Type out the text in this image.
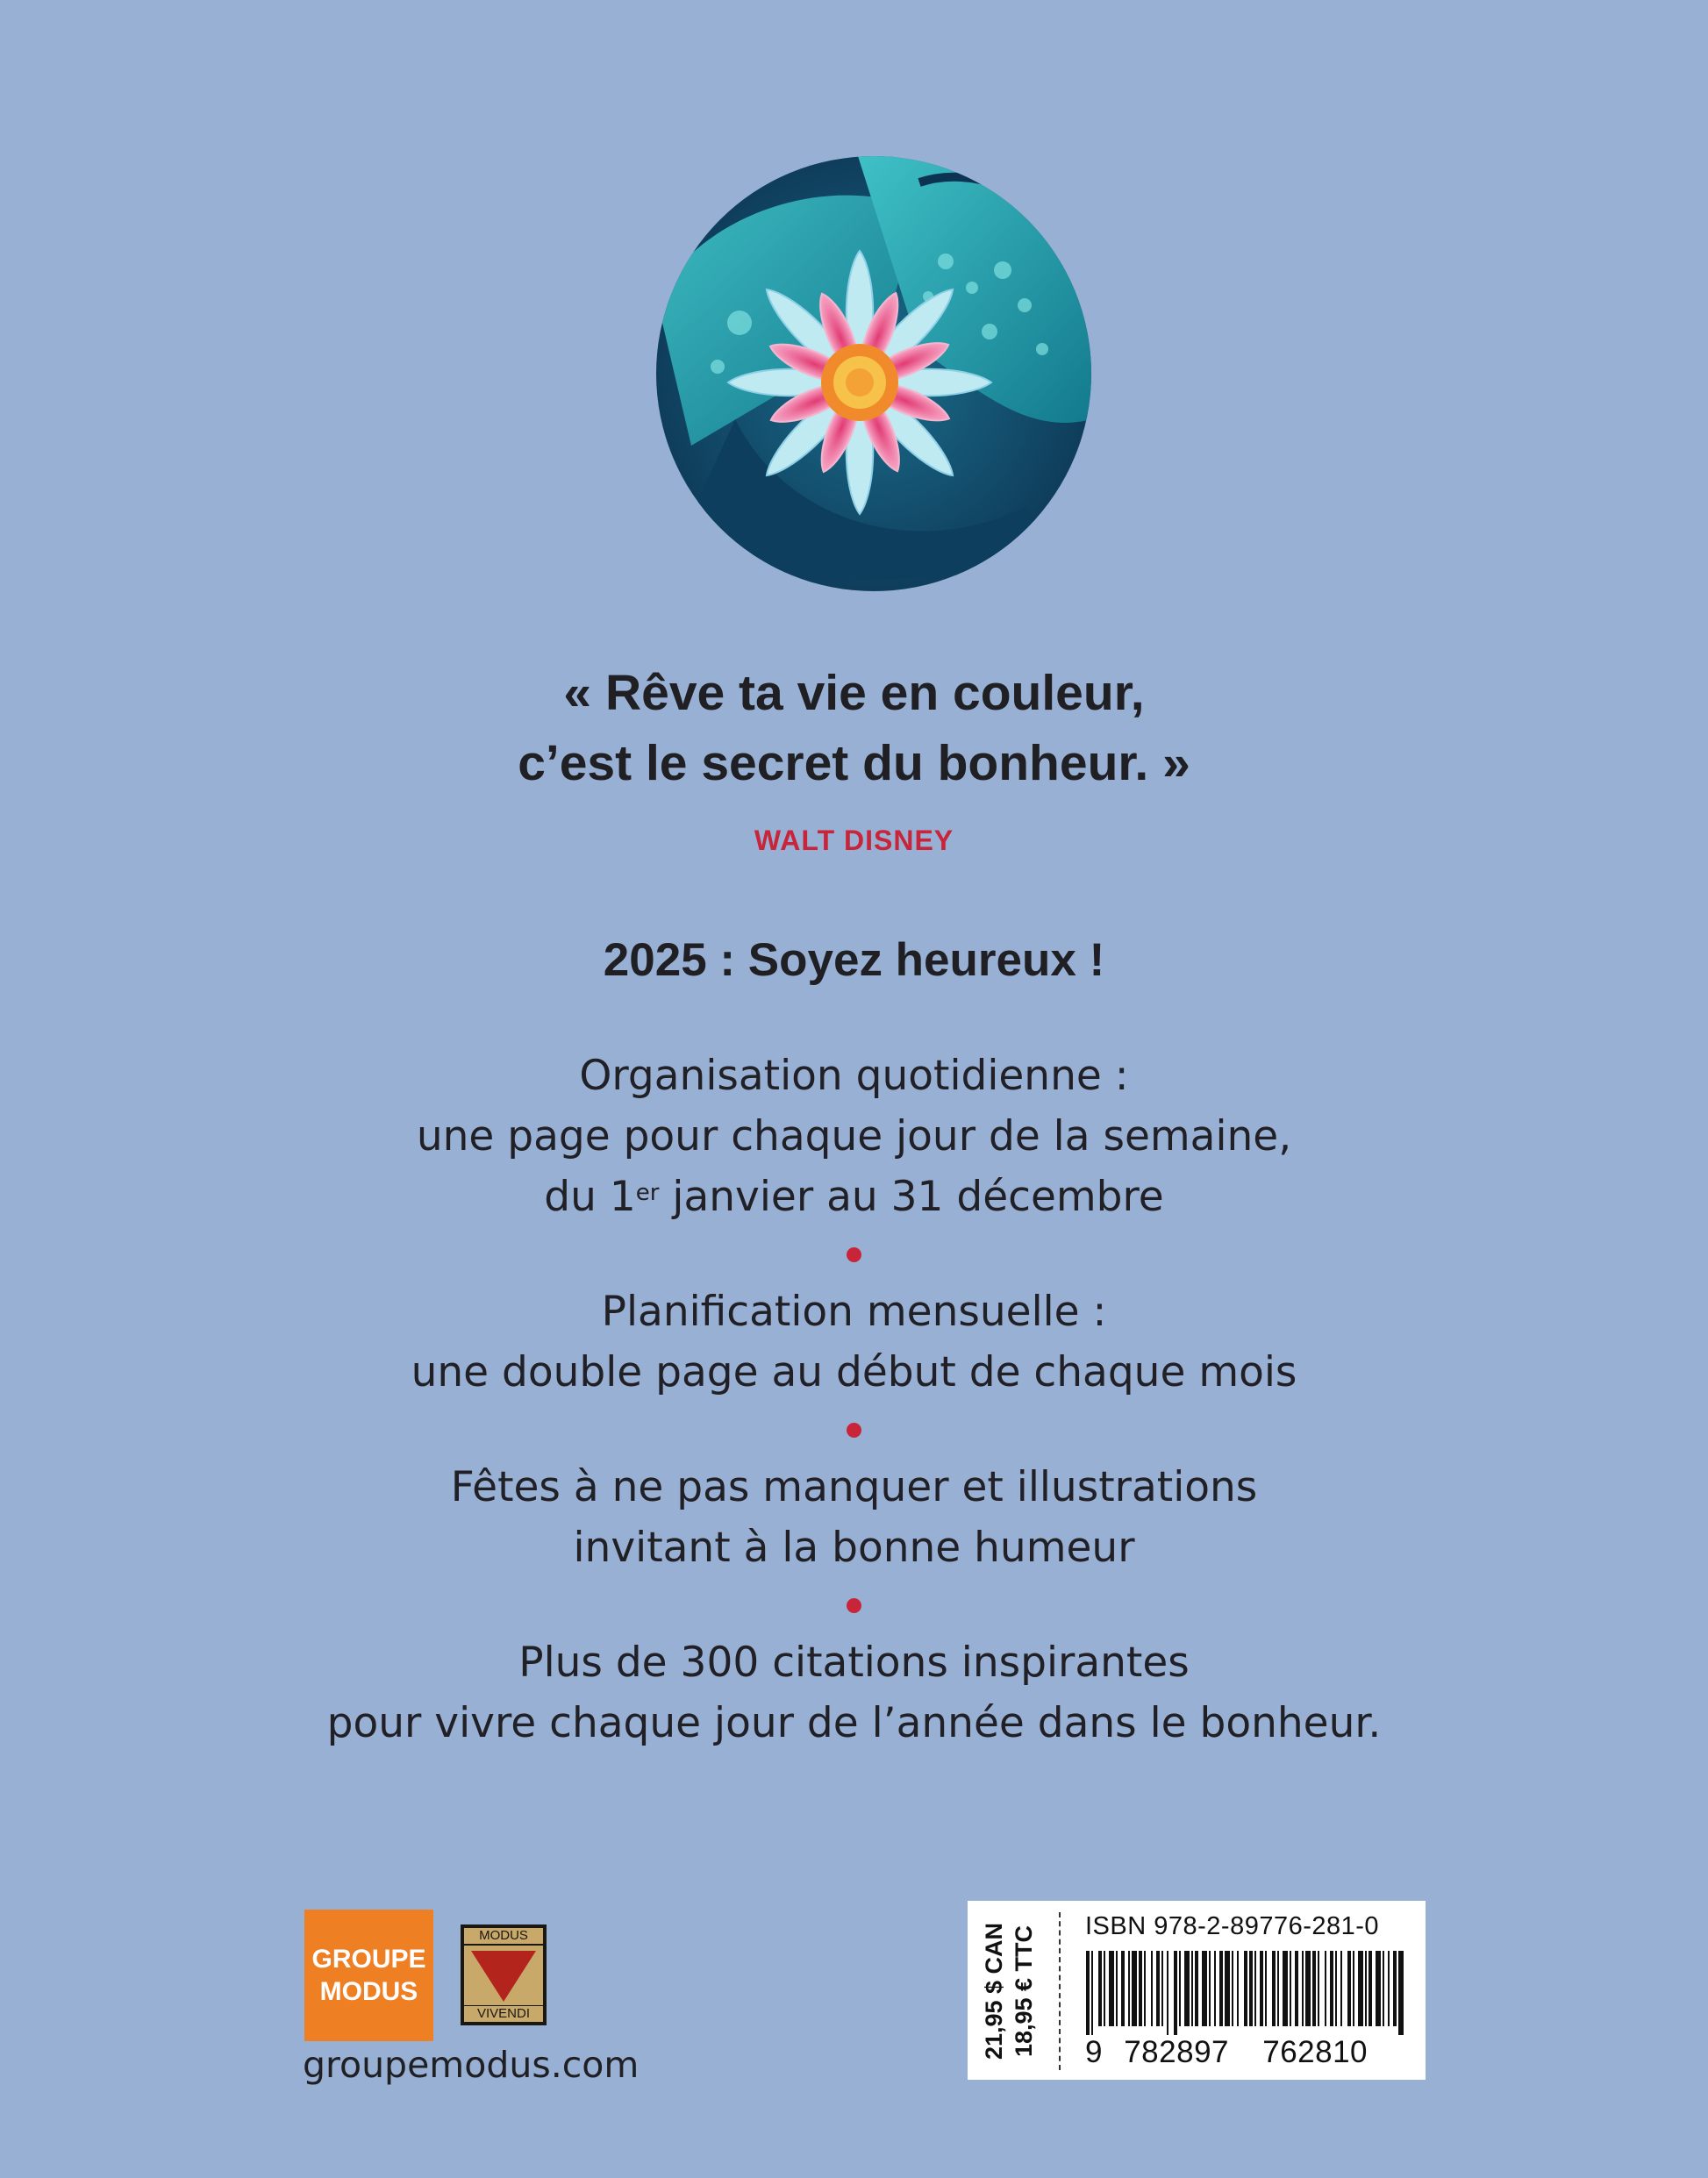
« Rêve ta vie en couleur,
c’est le secret du bonheur. »
WALT DISNEY
2025 : Soyez heureux !

Organisation quotidienne :

une page pour chaque jour de la semaine,

du 1er janvier au 31 décembre

Planification mensuelle :

une double page au début de chaque mois

Fêtes à ne pas manquer et illustrations

invitant à la bonne humeur

Plus de 300 citations inspirantes

pour vivre chaque jour de l’année dans le bonheur.

GROUPE
MODUS
MODUS
VIVENDI
groupemodus.com
21,95 $ CAN 18,95 € TTC ISBN 978-2-89776-281-0
9 782897 762810
